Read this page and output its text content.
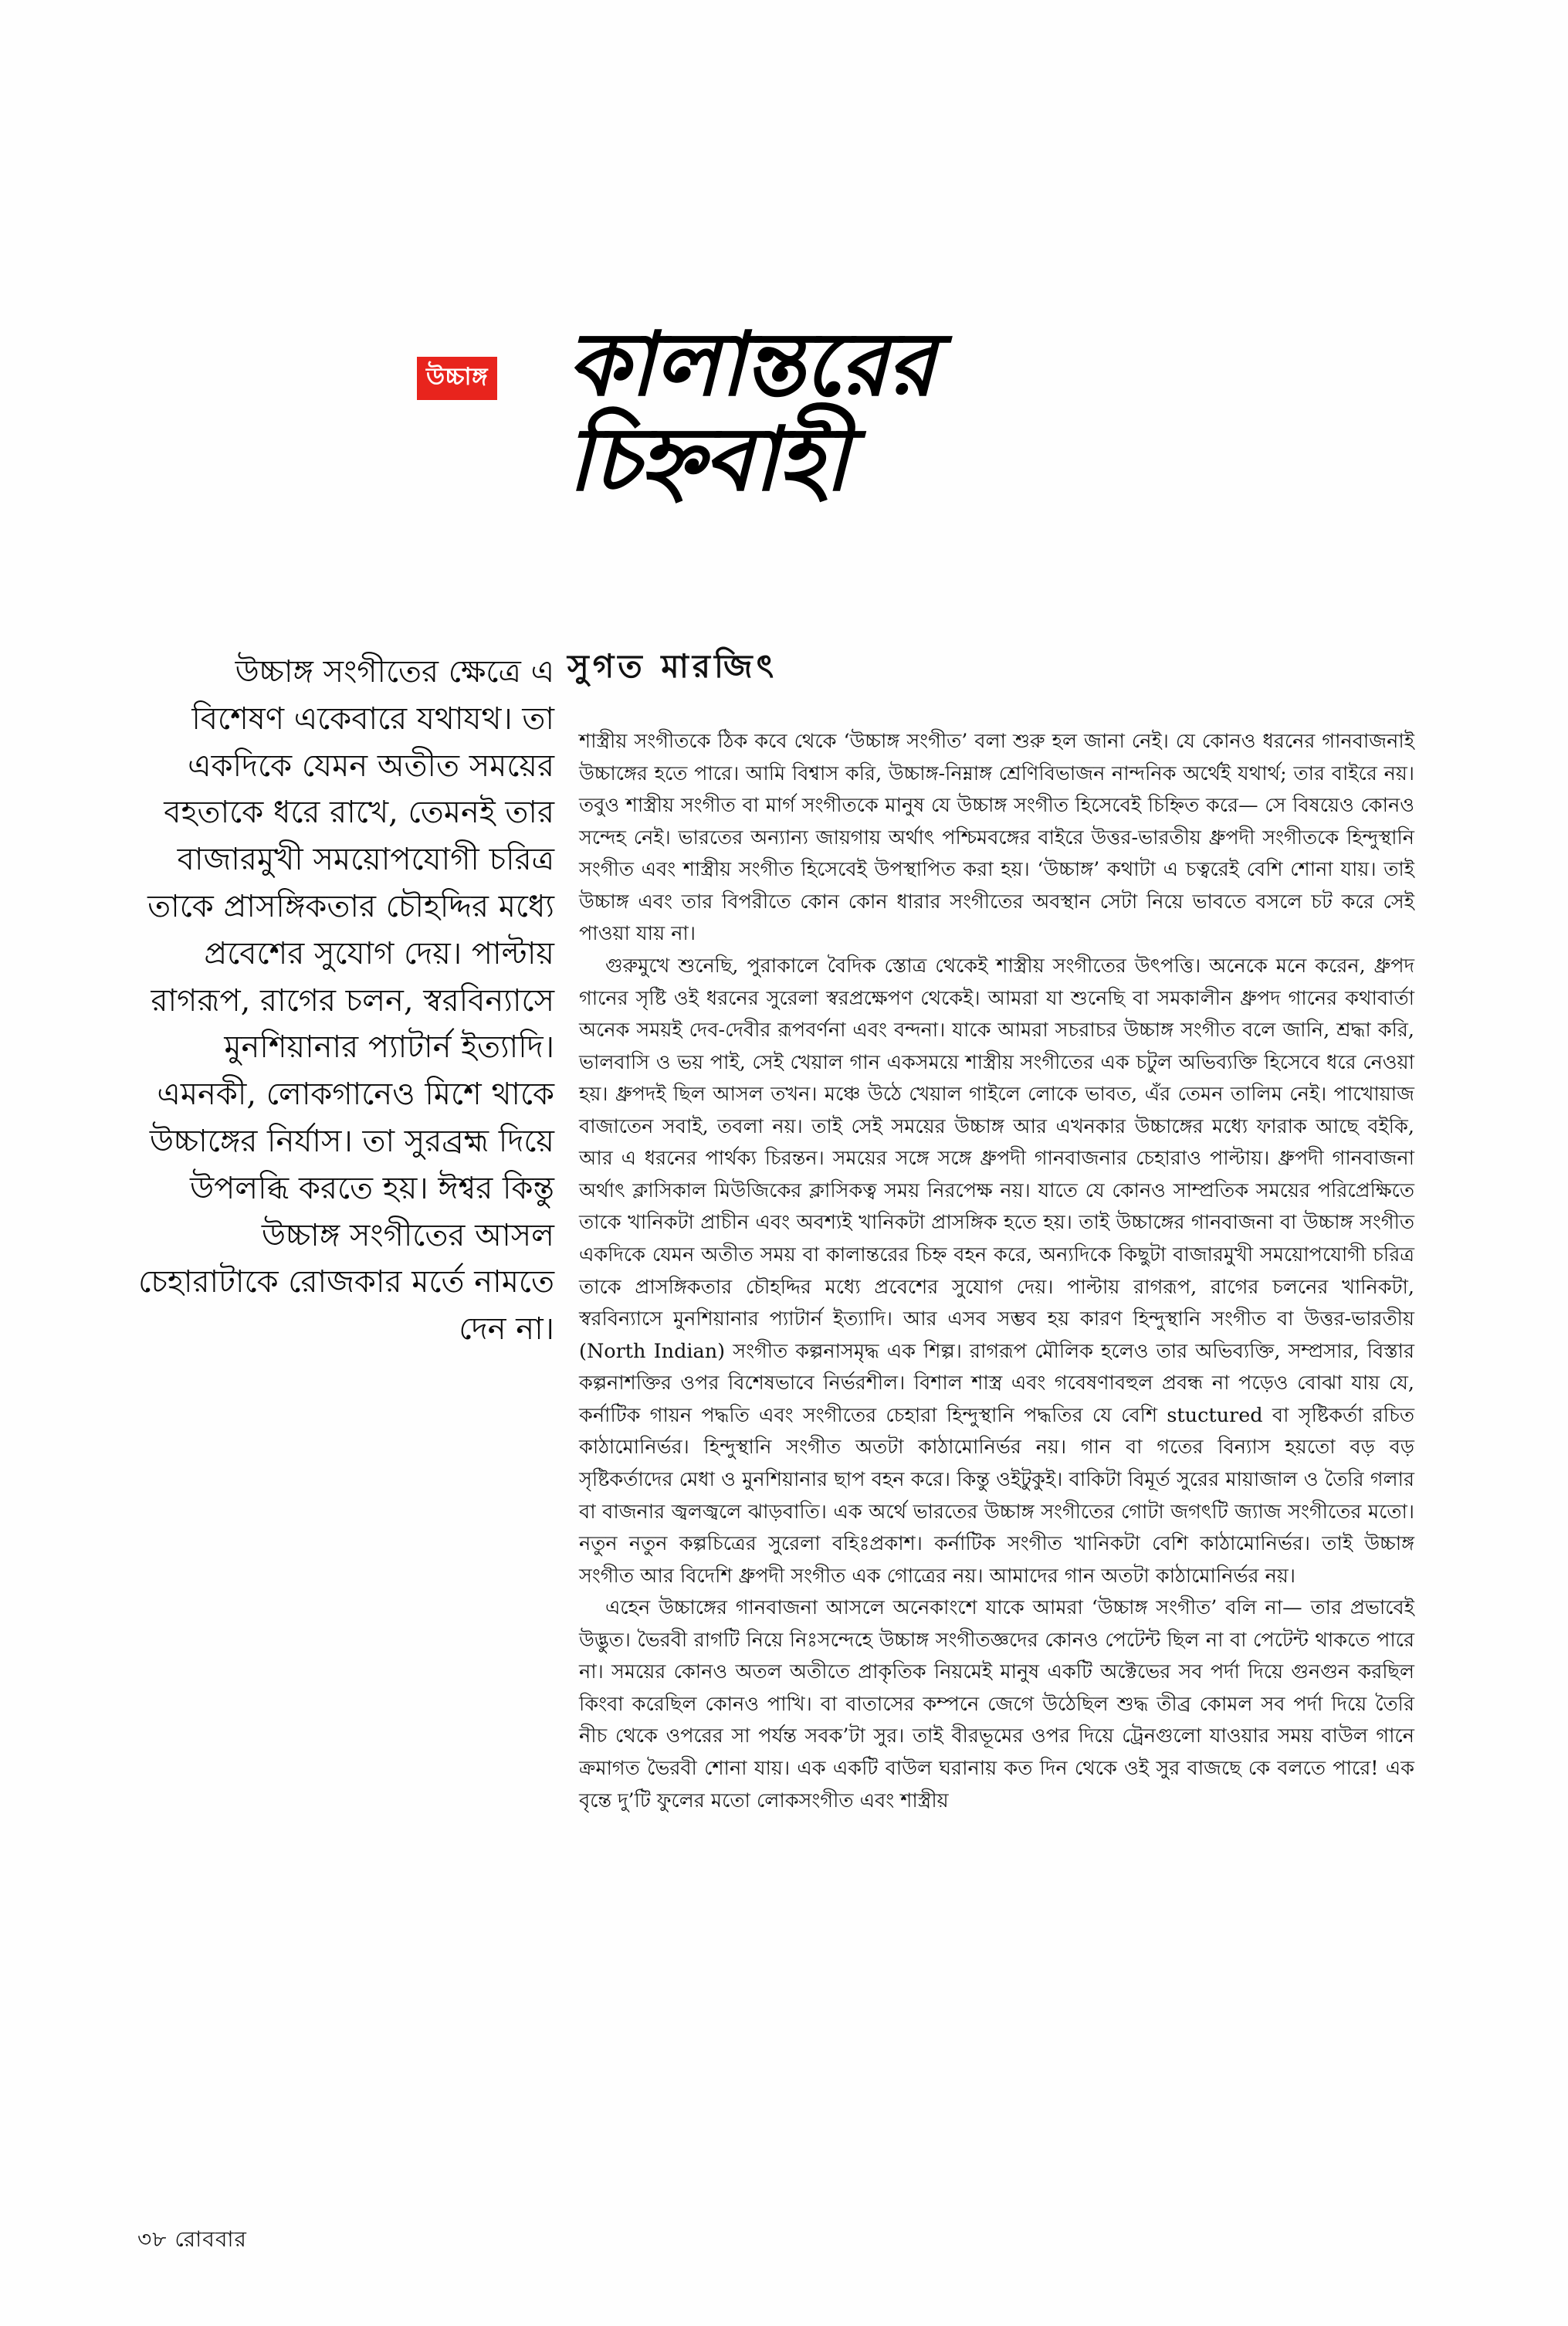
উচ্চাঙ্গ কালান্তরের
চিহ্নবাহী
সুগত মারজিৎ
উচ্চাঙ্গ সংগীতের ক্ষেত্রে এ বিশেষণ একেবারে যথাযথ। তা একদিকে যেমন অতীত সময়ের বহতাকে ধরে রাখে, তেমনই তার বাজারমুখী সময়োপযোগী চরিত্র তাকে প্রাসঙ্গিকতার চৌহদ্দির মধ্যে প্রবেশের সুযোগ দেয়। পাল্টায় রাগরূপ, রাগের চলন, স্বরবিন্যাসে মুনশিয়ানার প্যাটার্ন ইত্যাদি। এমনকী, লোকগানেও মিশে থাকে উচ্চাঙ্গের নির্যাস। তা সুরব্রহ্ম দিয়ে উপলব্ধি করতে হয়। ঈশ্বর কিন্তু উচ্চাঙ্গ সংগীতের আসল চেহারাটাকে রোজকার মর্তে নামতে দেন না।

শাস্ত্রীয় সংগীতকে ঠিক কবে থেকে ‘উচ্চাঙ্গ সংগীত’ বলা শুরু হল জানা নেই। যে কোনও ধরনের গানবাজনাই উচ্চাঙ্গের হতে পারে। আমি বিশ্বাস করি, উচ্চাঙ্গ-নিম্নাঙ্গ শ্রেণিবিভাজন নান্দনিক অর্থেই যথার্থ; তার বাইরে নয়। তবুও শাস্ত্রীয় সংগীত বা মার্গ সংগীতকে মানুষ যে উচ্চাঙ্গ সংগীত হিসেবেই চিহ্নিত করে— সে বিষয়েও কোনও সন্দেহ নেই। ভারতের অন্যান্য জায়গায় অর্থাৎ পশ্চিমবঙ্গের বাইরে উত্তর-ভারতীয় ধ্রুপদী সংগীতকে হিন্দুস্থানি সংগীত এবং শাস্ত্রীয় সংগীত হিসেবেই উপস্থাপিত করা হয়। ‘উচ্চাঙ্গ’ কথাটা এ চত্বরেই বেশি শোনা যায়। তাই উচ্চাঙ্গ এবং তার বিপরীতে কোন কোন ধারার সংগীতের অবস্থান সেটা নিয়ে ভাবতে বসলে চট করে সেই পাওয়া যায় না।

গুরুমুখে শুনেছি, পুরাকালে বৈদিক স্তোত্র থেকেই শাস্ত্রীয় সংগীতের উৎপত্তি। অনেকে মনে করেন, ধ্রুপদ গানের সৃষ্টি ওই ধরনের সুরেলা স্বরপ্রক্ষেপণ থেকেই। আমরা যা শুনেছি বা সমকালীন ধ্রুপদ গানের কথাবার্তা অনেক সময়ই দেব-দেবীর রূপবর্ণনা এবং বন্দনা। যাকে আমরা সচরাচর উচ্চাঙ্গ সংগীত বলে জানি, শ্রদ্ধা করি, ভালবাসি ও ভয় পাই, সেই খেয়াল গান একসময়ে শাস্ত্রীয় সংগীতের এক চটুল অভিব্যক্তি হিসেবে ধরে নেওয়া হয়। ধ্রুপদই ছিল আসল তখন। মঞ্চে উঠে খেয়াল গাইলে লোকে ভাবত, এঁর তেমন তালিম নেই। পাখোয়াজ বাজাতেন সবাই, তবলা নয়। তাই সেই সময়ের উচ্চাঙ্গ আর এখনকার উচ্চাঙ্গের মধ্যে ফারাক আছে বইকি, আর এ ধরনের পার্থক্য চিরন্তন। সময়ের সঙ্গে সঙ্গে ধ্রুপদী গানবাজনার চেহারাও পাল্টায়। ধ্রুপদী গানবাজনা অর্থাৎ ক্লাসিকাল মিউজিকের ক্লাসিকত্ব সময় নিরপেক্ষ নয়। যাতে যে কোনও সাম্প্রতিক সময়ের পরিপ্রেক্ষিতে তাকে খানিকটা প্রাচীন এবং অবশ্যই খানিকটা প্রাসঙ্গিক হতে হয়। তাই উচ্চাঙ্গের গানবাজনা বা উচ্চাঙ্গ সংগীত একদিকে যেমন অতীত সময় বা কালান্তরের চিহ্ন বহন করে, অন্যদিকে কিছুটা বাজারমুখী সময়োপযোগী চরিত্র তাকে প্রাসঙ্গিকতার চৌহদ্দির মধ্যে প্রবেশের সুযোগ দেয়। পাল্টায় রাগরূপ, রাগের চলনের খানিকটা, স্বরবিন্যাসে মুনশিয়ানার প্যাটার্ন ইত্যাদি। আর এসব সম্ভব হয় কারণ হিন্দুস্থানি সংগীত বা উত্তর-ভারতীয় (North Indian) সংগীত কল্পনাসমৃদ্ধ এক শিল্প। রাগরূপ মৌলিক হলেও তার অভিব্যক্তি, সম্প্রসার, বিস্তার কল্পনাশক্তির ওপর বিশেষভাবে নির্ভরশীল। বিশাল শাস্ত্র এবং গবেষণাবহুল প্রবন্ধ না পড়েও বোঝা যায় যে, কর্নাটিক গায়ন পদ্ধতি এবং সংগীতের চেহারা হিন্দুস্থানি পদ্ধতির যে বেশি stuctured বা সৃষ্টিকর্তা রচিত কাঠামোনির্ভর। হিন্দুস্থানি সংগীত অতটা কাঠামোনির্ভর নয়। গান বা গতের বিন্যাস হয়তো বড় বড় সৃষ্টিকর্তাদের মেধা ও মুনশিয়ানার ছাপ বহন করে। কিন্তু ওইটুকুই। বাকিটা বিমূর্ত সুরের মায়াজাল ও তৈরি গলার বা বাজনার জ্বলজ্বলে ঝাড়বাতি। এক অর্থে ভারতের উচ্চাঙ্গ সংগীতের গোটা জগৎটি জ্যাজ সংগীতের মতো। নতুন নতুন কল্পচিত্রের সুরেলা বহিঃপ্রকাশ। কর্নাটিক সংগীত খানিকটা বেশি কাঠামোনির্ভর। তাই উচ্চাঙ্গ সংগীত আর বিদেশি ধ্রুপদী সংগীত এক গোত্রের নয়। আমাদের গান অতটা কাঠামোনির্ভর নয়।

এহেন উচ্চাঙ্গের গানবাজনা আসলে অনেকাংশে যাকে আমরা ‘উচ্চাঙ্গ সংগীত’ বলি না— তার প্রভাবেই উদ্ভুত। ভৈরবী রাগটি নিয়ে নিঃসন্দেহে উচ্চাঙ্গ সংগীতজ্ঞদের কোনও পেটেন্ট ছিল না বা পেটেন্ট থাকতে পারে না। সময়ের কোনও অতল অতীতে প্রাকৃতিক নিয়মেই মানুষ একটি অক্টেভের সব পর্দা দিয়ে গুনগুন করছিল কিংবা করেছিল কোনও পাখি। বা বাতাসের কম্পনে জেগে উঠেছিল শুদ্ধ তীব্র কোমল সব পর্দা দিয়ে তৈরি নীচ থেকে ওপরের সা পর্যন্ত সবক’টা সুর। তাই বীরভূমের ওপর দিয়ে ট্রেনগুলো যাওয়ার সময় বাউল গানে ক্রমাগত ভৈরবী শোনা যায়। এক একটি বাউল ঘরানায় কত দিন থেকে ওই সুর বাজছে কে বলতে পারে! এক বৃন্তে দু’টি ফুলের মতো লোকসংগীত এবং শাস্ত্রীয়

৩৮ রোববার
